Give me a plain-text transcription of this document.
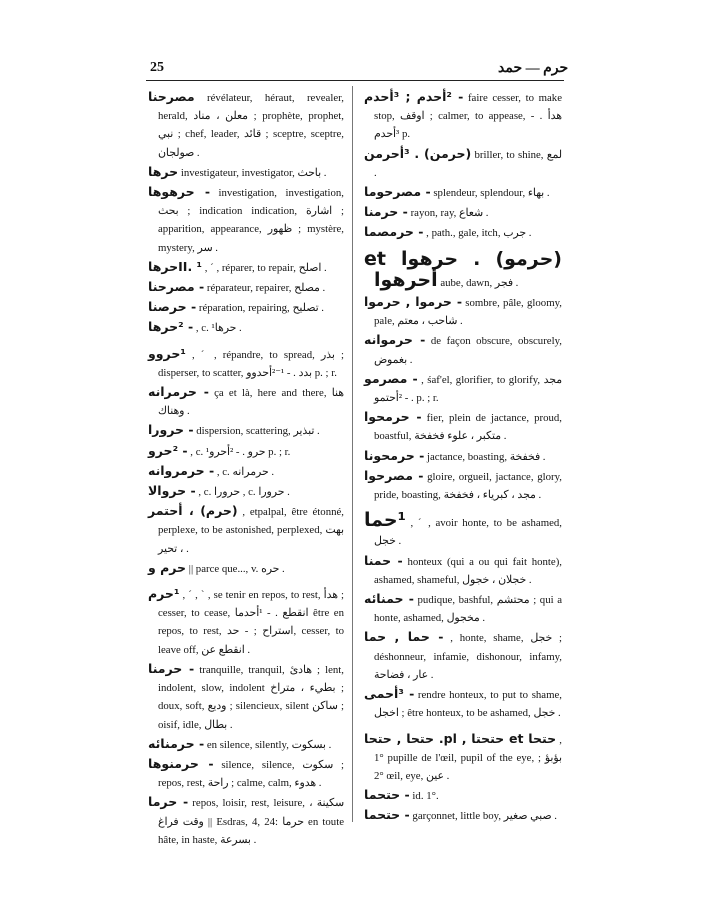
25	حرم — حمد
مصرحنا révélateur, héraut, revealer, herald, معلن ، مناد ; prophète, prophet, نبي ; chef, leader, قائد ; sceptre, sceptre, صولجان .
حرها investigateur, investigator, باحث .
- حرهوها investigation, investigation, بحث ; indication indication, اشارة ; apparition, appearance, ظهور ; mystère, mystery, سر .
II. ¹حرها , ˊ , réparer, to repair, اصلح .
- مصرحنا réparateur, repairer, مصلح .
- حرصنا réparation, repairing, تصليح .
- ²حرها , c. ¹حرها .
¹حروو , ˊ , répandre, to spread, بذر ; disperser, to scatter, بدد . - ¹⁻²أحدوو p. ; r.
- حرمرانه ça et là, here and there, هنا وهناك .
- حرورا dispersion, scattering, تبذير .
- ²حرو , c. ¹حرو . - ²أحرو p. ; r.
- حرمروانه , c. حرمرانه .
- حروالا , c. حرورا , c. حرورا .
(حرم) ، أحتمر , etpalpal, être étonné, perplexe, to be astonished, perplexed, بهت ، تحير .
حرم و || parce que..., v. حره .
¹حرم , ˊ , ˋ , se tenir en repos, to rest, هدأ ; cesser, to cease, انقطع . - ¹أحدما être en repos, to rest, استراح ; - حد, cesser, to leave off, انقطع عن .
- حرمنا tranquille, tranquil, هادئ ; lent, indolent, slow, indolent بطيء ، متراخ ; doux, soft, وديع ; silencieux, silent ساكن ; oisif, idle, بطال .
- حرمنائه en silence, silently, بسكوت .
- حرمنوها silence, silence, سكوت ; repos, rest, راحة ; calme, calm, هدوء .
- حرما repos, loisir, rest, leisure, سكينة ، وقت فراغ || Esdras, 4, 24: حرما en toute hâte, in haste, بسرعة .
- ²أحدم ; ³أحدم faire cesser, to make stop, اوقف ; calmer, to appease, هدأ . - ³أحدم p.
(حرمن) . ³أحرمن briller, to shine, لمع .
- مصرحوما splendeur, splendour, بهاء .
- حرمنا rayon, ray, شعاع .
- حرمصما , path., gale, itch, جرب .
(حرمو) . حرهوا et أحرهوا aube, dawn, فجر .
- حرموا , حرموا sombre, pâle, gloomy, pale, شاحب ، معتم .
- حرموانه de façon obscure, obscurely, بغموض .
- مصرمو , śaf'el, glorifier, to glorify, مجد . - ²أحتمو p. ; r.
- حرمحوا fier, plein de jactance, proud, boastful, متكبر ، علوء فخفخة .
- حرمحونا jactance, boasting, فخفخة .
- مصرحوا gloire, orgueil, jactance, glory, pride, boasting, مجد ، كبرياء ، فخفخة .
¹حما , ˊ , avoir honte, to be ashamed, خجل .
- حمنا honteux (qui a ou qui fait honte), ashamed, shameful, خجلان ، خجول .
- حمنائه pudique, bashful, محتشم ; qui a honte, ashamed, مخجول .
- حما , حما , honte, shame, خجل ; déshonneur, infamie, dishonour, infamy, عار ، فضاحة .
- ³أحمى rendre honteux, to put to shame, اخجل ; être honteux, to be ashamed, خجل .
حتحا et حتحتا , pl. حتحا , حتحا , 1° pupille de l'œil, pupil of the eye, بؤبؤ ; 2° œil, eye, عين .
- حتحما id. 1°.
- حتحما garçonnet, little boy, صبي صغير .
